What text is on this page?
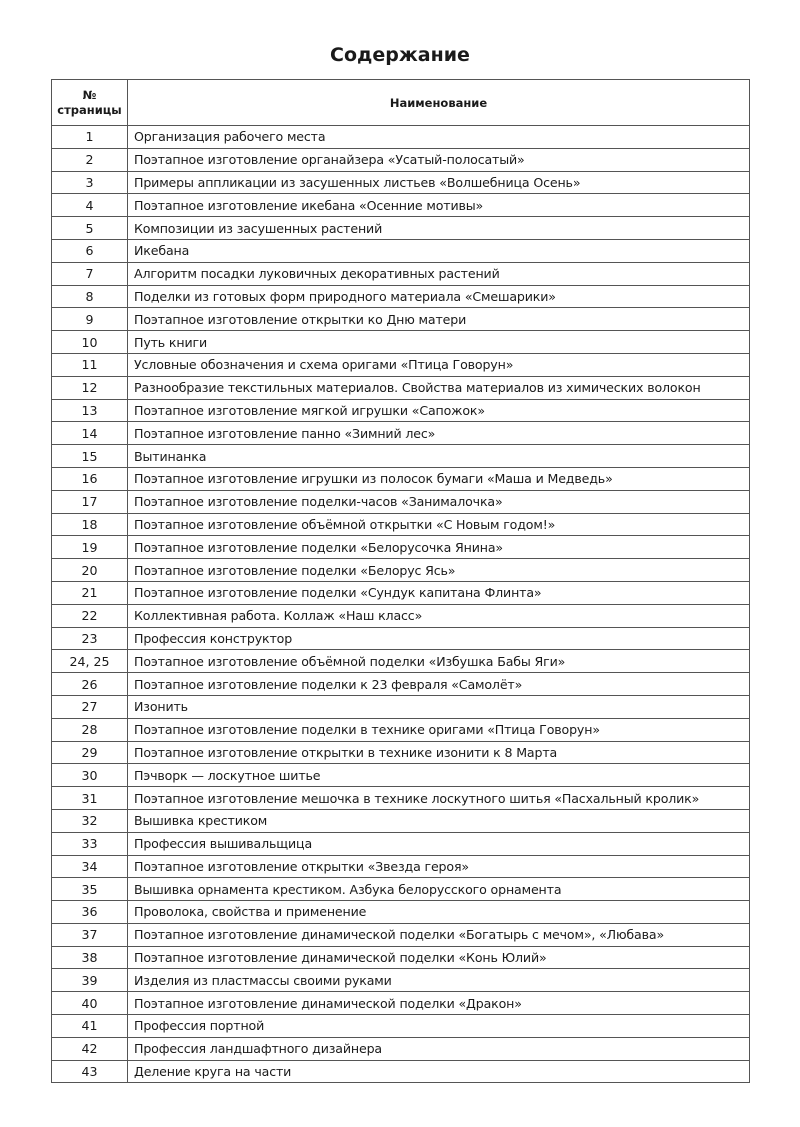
Содержание
№
страницы	Наименование
1	Организация рабочего места
2	Поэтапное изготовление органайзера «Усатый-полосатый»
3	Примеры аппликации из засушенных листьев «Волшебница Осень»
4	Поэтапное изготовление икебана «Осенние мотивы»
5	Композиции из засушенных растений
6	Икебана
7	Алгоритм посадки луковичных декоративных растений
8	Поделки из готовых форм природного материала «Смешарики»
9	Поэтапное изготовление открытки ко Дню матери
10	Путь книги
11	Условные обозначения и схема оригами «Птица Говорун»
12	Разнообразие текстильных материалов. Свойства материалов из химических волокон
13	Поэтапное изготовление мягкой игрушки «Сапожок»
14	Поэтапное изготовление панно «Зимний лес»
15	Вытинанка
16	Поэтапное изготовление игрушки из полосок бумаги «Маша и Медведь»
17	Поэтапное изготовление поделки-часов «Занималочка»
18	Поэтапное изготовление объёмной открытки «С Новым годом!»
19	Поэтапное изготовление поделки «Белорусочка Янина»
20	Поэтапное изготовление поделки «Белорус Ясь»
21	Поэтапное изготовление поделки «Сундук капитана Флинта»
22	Коллективная работа. Коллаж «Наш класс»
23	Профессия конструктор
24, 25	Поэтапное изготовление объёмной поделки «Избушка Бабы Яги»
26	Поэтапное изготовление поделки к 23 февраля «Самолёт»
27	Изонить
28	Поэтапное изготовление поделки в технике оригами «Птица Говорун»
29	Поэтапное изготовление открытки в технике изонити к 8 Марта
30	Пэчворк — лоскутное шитье
31	Поэтапное изготовление мешочка в технике лоскутного шитья «Пасхальный кролик»
32	Вышивка крестиком
33	Профессия вышивальщица
34	Поэтапное изготовление открытки «Звезда героя»
35	Вышивка орнамента крестиком. Азбука белорусского орнамента
36	Проволока, свойства и применение
37	Поэтапное изготовление динамической поделки «Богатырь с мечом», «Любава»
38	Поэтапное изготовление динамической поделки «Конь Юлий»
39	Изделия из пластмассы своими руками
40	Поэтапное изготовление динамической поделки «Дракон»
41	Профессия портной
42	Профессия ландшафтного дизайнера
43	Деление круга на части
